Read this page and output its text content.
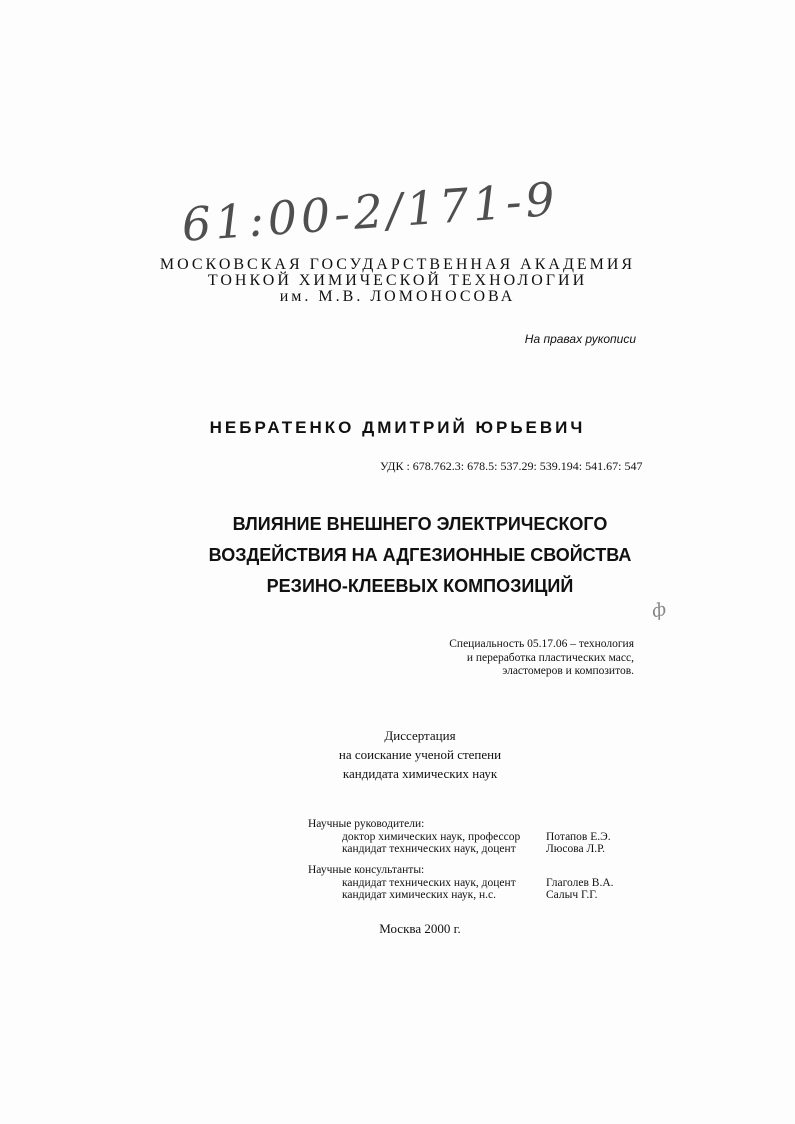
61:00-2/171-9
МОСКОВСКАЯ ГОСУДАРСТВЕННАЯ АКАДЕМИЯ
ТОНКОЙ ХИМИЧЕСКОЙ ТЕХНОЛОГИИ
им. М.В. ЛОМОНОСОВА
На правах рукописи
НЕБРАТЕНКО ДМИТРИЙ ЮРЬЕВИЧ
УДК : 678.762.3: 678.5: 537.29: 539.194: 541.67: 547
ВЛИЯНИЕ ВНЕШНЕГО ЭЛЕКТРИЧЕСКОГО
ВОЗДЕЙСТВИЯ НА АДГЕЗИОННЫЕ СВОЙСТВА
РЕЗИНО-КЛЕЕВЫХ КОМПОЗИЦИЙ
ф
Специальность 05.17.06 – технология
и переработка пластических масс,
эластомеров и композитов.
Диссертация
на соискание ученой степени
кандидата химических наук
Научные руководители:
доктор химических наук, профессор Потапов Е.Э.
кандидат технических наук, доцент	Люсова Л.Р.
Научные консультанты:
кандидат технических наук, доцент	Глаголев В.А.
кандидат химических наук, н.с.	Салыч Г.Г.
Москва 2000 г.
